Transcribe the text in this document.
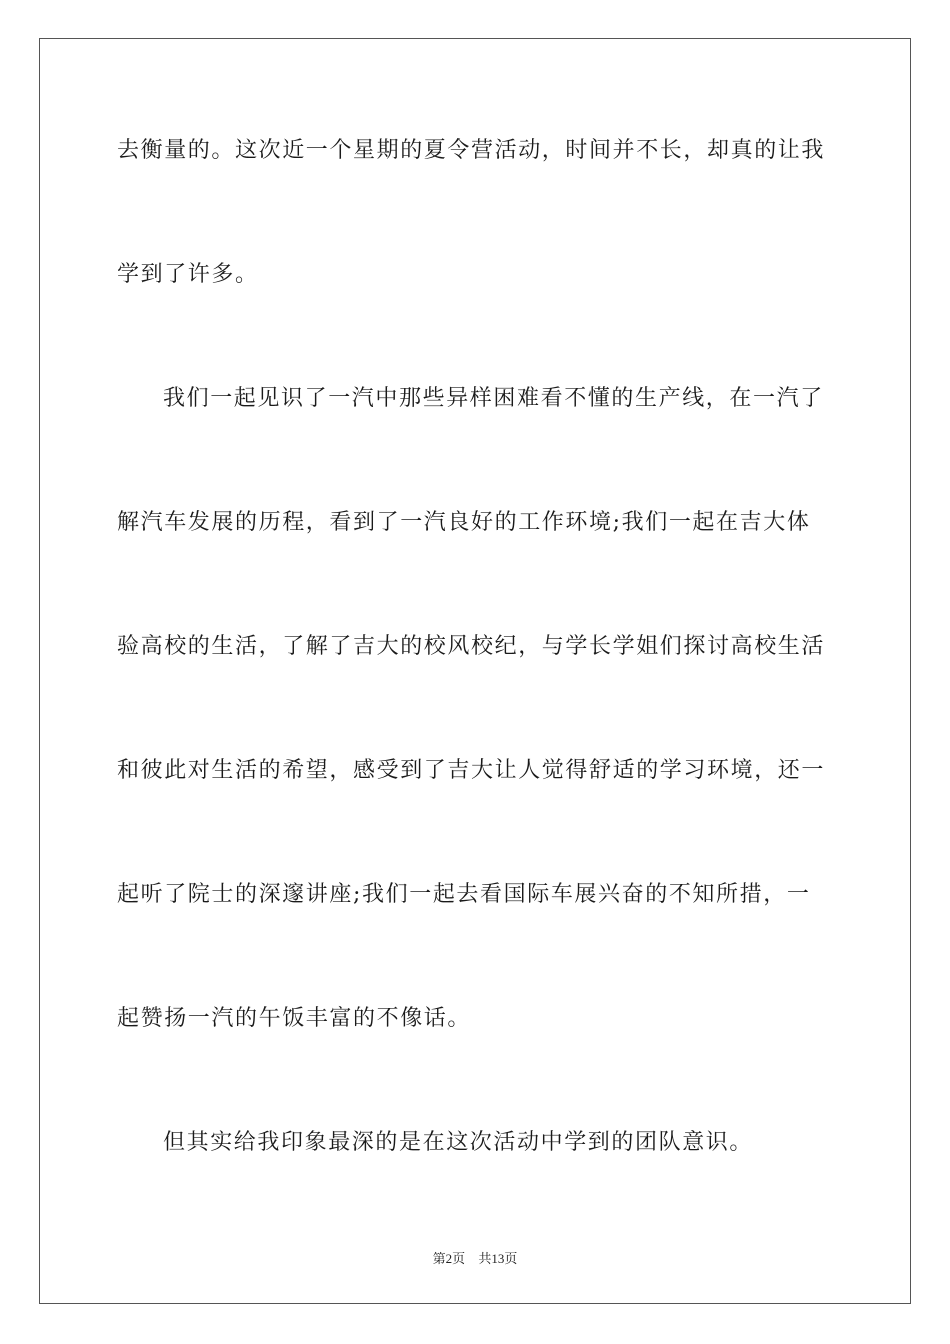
去衡量的。这次近一个星期的夏令营活动，时间并不长，却真的让我
学到了许多。
我们一起见识了一汽中那些异样困难看不懂的生产线，在一汽了
解汽车发展的历程，看到了一汽良好的工作环境;我们一起在吉大体
验高校的生活，了解了吉大的校风校纪，与学长学姐们探讨高校生活
和彼此对生活的希望，感受到了吉大让人觉得舒适的学习环境，还一
起听了院士的深邃讲座;我们一起去看国际车展兴奋的不知所措，一
起赞扬一汽的午饭丰富的不像话。
但其实给我印象最深的是在这次活动中学到的团队意识。
第2页 共13页
